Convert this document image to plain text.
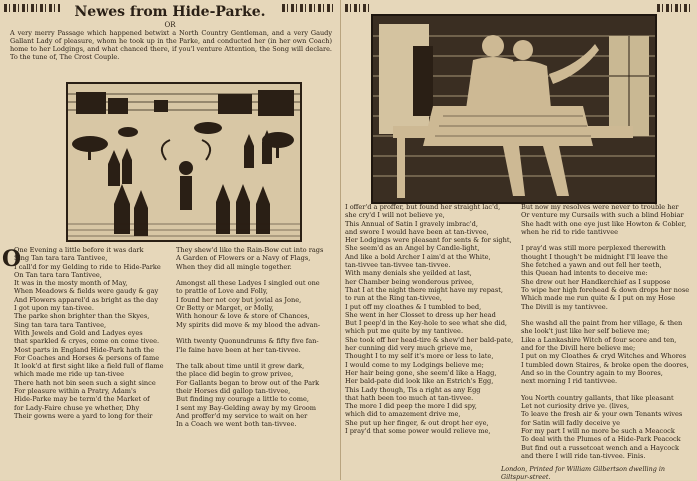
Newes from Hide-Parke.
OR
A very merry Passage which happened betwixt a North Country Gentleman, and a very Gaudy Gallant Lady of pleasure, whom he took up in the Parke, and conducted her (in her own Coach) home to her Lodgings, and what chanced there, if you'l venture Attention, the Song will declare. To the tune of, The Crost Couple.
O
One Evening a little before it was dark
Sing Tan tara tara Tantivee,
I call'd for my Gelding to ride to Hide-Parke
On Tan tara tara Tantivee,
It was in the mosty month of May,
When Meadows & fields were gaudy & gay
And Flowers apparel'd as bright as the day
I got upon my tan-tivee.
The parke shon brighter than the Skyes,
Sing tan tara tara Tantivee,
With Jewels and Gold and Ladyes eyes
that sparkled & cryes, come on come tivee.
Most parts in England Hide-Park hath the
For Coaches and Horses & persons of fame
It look'd at first sight like a field full of flame
which made me ride up tan-tivee
There hath not bin seen such a sight since
For pleasure within a Pratry, Adam's
Hide-Parke may be term'd the Market of
for Lady-Faire chuse ye whether, Dhy
Their gowns were a yard to long for their
They shew'd like the Rain-Bow cut into rags
A Garden of Flowers or a Navy of Flags,
When they did all mingle together.
Amongst all these Ladyes I singled out one
to prattle of Love and Folly,
I found her not coy but jovial as Jone,
Or Betty or Marget, or Molly,
With honour & love & store of Chances,
My spirits did move & my blood the advan-
With twenty Quonundrums & fifty five fan-
I'le faine have been at her tan-tivvee.
The talk about time until it grew dark,
the place did begin to grow privee,
For Gallants began to brow out of the Park
their Horses did gallop tan-tivvee,
But finding my courage a little to come,
I sent my Bay-Gelding away by my Groom
And proffer'd my service to wait on her
In a Coach we went both tan-tivvee.
I offer'd a proffer, but found her straight lac'd,
she cry'd I will not believe ye,
This Annual of Satin I gravely imbrac'd,
and swore I would have been at tan-tivvee,
Her Lodgings were pleasant for sents & for sight,
She seem'd as an Angel by Candle-light,
And like a bold Archer I aim'd at the White,
tan-tivvee tan-tivvee tan-tivvee.
With many denials she yeilded at last,
her Chamber being wonderous privee,
That I at the night there might have my repast,
to run at the Ring tan-tivvee,
I put off my cloathes & I tumbled to bed,
She went in her Closset to dress up her head
But I peep'd in the Key-hole to see what she did,
which put me quite by my tantivee.
She took off her head-tire & shew'd her bald-pate,
her cunning did very much grieve me,
Thought I to my self it's more or less to late,
I would come to my Lodgings believe me;
Her hair being gone, she seem'd like a Hagg,
Her bald-pate did look like an Estrich's Egg,
This Lady though, Tis a right as any Egg
that hath been too much at tan-tivvee.
The more I did peep the more I did spy,
which did to amazement drive me,
She put up her finger, & out dropt her eye,
I pray'd that some power would relieve me,
But now my resolves were never to trouble her
Or venture my Cursails with such a blind Hobiar
She hadt with one eye just like Howton & Cobler,
when he rid to ride tantivvee
I pray'd was still more perplexed therewith
thought I though't be midnight I'll leave the
She fetched a yawn and out fell her teeth,
this Quean had intents to deceive me:
She drew out her Handkerchief as I suppose
To wipe her high forehead & down drops her nose
Which made me run quite & I put on my Hose
The Divill is my tantivvee.
She washd all the paint from her village, & then
she look't just like her self believe me;
Like a Lankashire Witch of four score and ten,
and for the Divill here believe me;
I put on my Cloathes & cryd Witches and Whores
I tumbled down Staires, & broke open the doores,
And so in the Country again to my Boores,
next morning I rid tantivvee.
You North country gallants, that like pleasant
Let not curiosity drive ye. (lives,
To leave the fresh air & your own Tenants wives
for Satin will fadly deceive ye
For my part I will no more be such a Meacock
To deal with the Plumes of a Hide-Park Peacock
But find out a russetcoat wench and a Haycock
and there I will ride tan-tivvee. Finis.
London, Printed for William Gilbertson dwelling in Giltspur-street.
